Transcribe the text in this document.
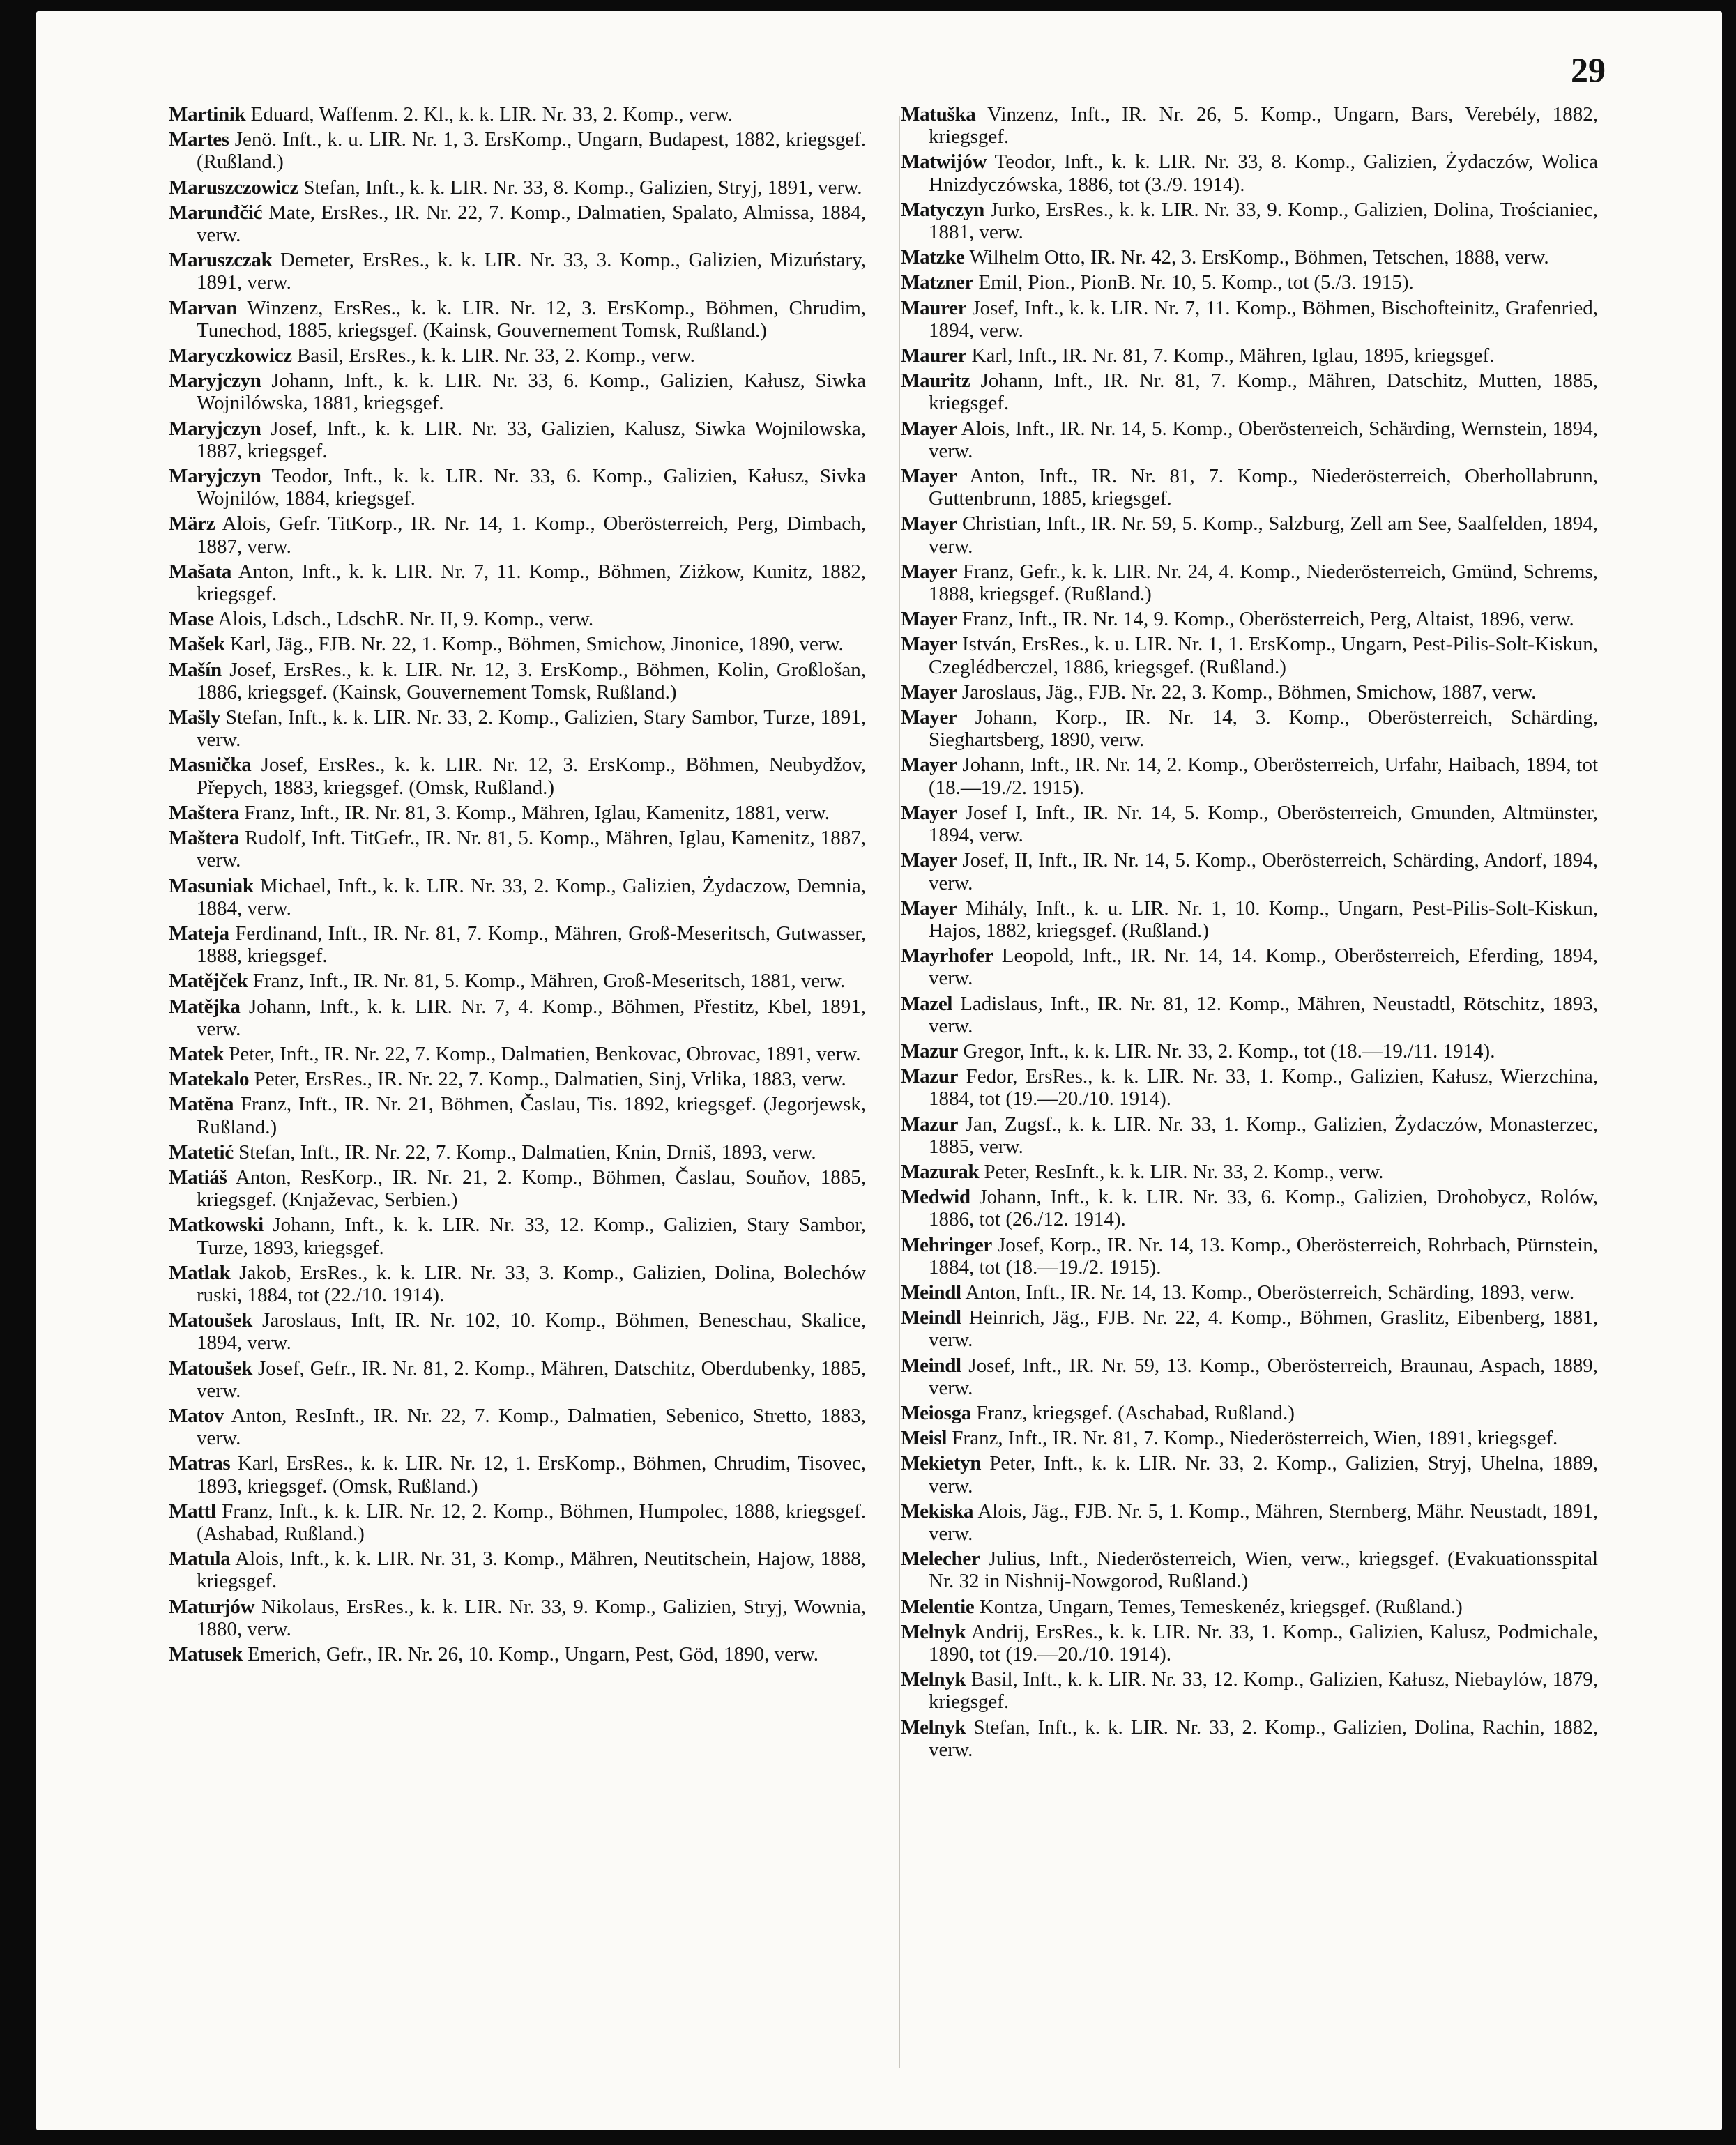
29

Martinik Eduard, Waffenm. 2. Kl., k. k. LIR. Nr. 33, 2. Komp., verw.

Martes Jenö. Inft., k. u. LIR. Nr. 1, 3. ErsKomp., Ungarn, Budapest, 1882, kriegsgef. (Rußland.)

Maruszczowicz Stefan, Inft., k. k. LIR. Nr. 33, 8. Komp., Galizien, Stryj, 1891, verw.

Marunđčić Mate, ErsRes., IR. Nr. 22, 7. Komp., Dalmatien, Spalato, Almissa, 1884, verw.

Maruszczak Demeter, ErsRes., k. k. LIR. Nr. 33, 3. Komp., Galizien, Mizuństary, 1891, verw.

Marvan Winzenz, ErsRes., k. k. LIR. Nr. 12, 3. ErsKomp., Böhmen, Chrudim, Tunechod, 1885, kriegsgef. (Kainsk, Gouvernement Tomsk, Rußland.)

Maryczkowicz Basil, ErsRes., k. k. LIR. Nr. 33, 2. Komp., verw.

Maryjczyn Johann, Inft., k. k. LIR. Nr. 33, 6. Komp., Galizien, Kałusz, Siwka Wojnilówska, 1881, kriegsgef.

Maryjczyn Josef, Inft., k. k. LIR. Nr. 33, Galizien, Kalusz, Siwka Wojnilowska, 1887, kriegsgef.

Maryjczyn Teodor, Inft., k. k. LIR. Nr. 33, 6. Komp., Galizien, Kałusz, Sivka Wojnilów, 1884, kriegsgef.

März Alois, Gefr. TitKorp., IR. Nr. 14, 1. Komp., Oberösterreich, Perg, Dimbach, 1887, verw.

Mašata Anton, Inft., k. k. LIR. Nr. 7, 11. Komp., Böhmen, Ziżkow, Kunitz, 1882, kriegsgef.

Mase Alois, Ldsch., LdschR. Nr. II, 9. Komp., verw.

Mašek Karl, Jäg., FJB. Nr. 22, 1. Komp., Böhmen, Smichow, Jinonice, 1890, verw.

Mašín Josef, ErsRes., k. k. LIR. Nr. 12, 3. ErsKomp., Böhmen, Kolin, Großlošan, 1886, kriegsgef. (Kainsk, Gouvernement Tomsk, Rußland.)

Mašly Stefan, Inft., k. k. LIR. Nr. 33, 2. Komp., Galizien, Stary Sambor, Turze, 1891, verw.

Masnička Josef, ErsRes., k. k. LIR. Nr. 12, 3. ErsKomp., Böhmen, Neubydžov, Přepych, 1883, kriegsgef. (Omsk, Rußland.)

Maštera Franz, Inft., IR. Nr. 81, 3. Komp., Mähren, Iglau, Kamenitz, 1881, verw.

Maštera Rudolf, Inft. TitGefr., IR. Nr. 81, 5. Komp., Mähren, Iglau, Kamenitz, 1887, verw.

Masuniak Michael, Inft., k. k. LIR. Nr. 33, 2. Komp., Galizien, Żydaczow, Demnia, 1884, verw.

Mateja Ferdinand, Inft., IR. Nr. 81, 7. Komp., Mähren, Groß-Meseritsch, Gutwasser, 1888, kriegsgef.

Matějček Franz, Inft., IR. Nr. 81, 5. Komp., Mähren, Groß-Meseritsch, 1881, verw.

Matějka Johann, Inft., k. k. LIR. Nr. 7, 4. Komp., Böhmen, Přestitz, Kbel, 1891, verw.

Matek Peter, Inft., IR. Nr. 22, 7. Komp., Dalmatien, Benkovac, Obrovac, 1891, verw.

Matekalo Peter, ErsRes., IR. Nr. 22, 7. Komp., Dalmatien, Sinj, Vrlika, 1883, verw.

Matěna Franz, Inft., IR. Nr. 21, Böhmen, Časlau, Tis. 1892, kriegsgef. (Jegorjewsk, Rußland.)

Matetić Stefan, Inft., IR. Nr. 22, 7. Komp., Dalmatien, Knin, Drniš, 1893, verw.

Matiáš Anton, ResKorp., IR. Nr. 21, 2. Komp., Böhmen, Časlau, Souňov, 1885, kriegsgef. (Knjaževac, Serbien.)

Matkowski Johann, Inft., k. k. LIR. Nr. 33, 12. Komp., Galizien, Stary Sambor, Turze, 1893, kriegsgef.

Matlak Jakob, ErsRes., k. k. LIR. Nr. 33, 3. Komp., Galizien, Dolina, Bolechów ruski, 1884, tot (22./10. 1914).

Matoušek Jaroslaus, Inft, IR. Nr. 102, 10. Komp., Böhmen, Beneschau, Skalice, 1894, verw.

Matoušek Josef, Gefr., IR. Nr. 81, 2. Komp., Mähren, Datschitz, Oberdubenky, 1885, verw.

Matov Anton, ResInft., IR. Nr. 22, 7. Komp., Dalmatien, Sebenico, Stretto, 1883, verw.

Matras Karl, ErsRes., k. k. LIR. Nr. 12, 1. ErsKomp., Böhmen, Chrudim, Tisovec, 1893, kriegsgef. (Omsk, Rußland.)

Mattl Franz, Inft., k. k. LIR. Nr. 12, 2. Komp., Böhmen, Humpolec, 1888, kriegsgef. (Ashabad, Rußland.)

Matula Alois, Inft., k. k. LIR. Nr. 31, 3. Komp., Mähren, Neutitschein, Hajow, 1888, kriegsgef.

Maturjów Nikolaus, ErsRes., k. k. LIR. Nr. 33, 9. Komp., Galizien, Stryj, Wownia, 1880, verw.

Matusek Emerich, Gefr., IR. Nr. 26, 10. Komp., Ungarn, Pest, Göd, 1890, verw.

Matuška Vinzenz, Inft., IR. Nr. 26, 5. Komp., Ungarn, Bars, Verebély, 1882, kriegsgef.

Matwijów Teodor, Inft., k. k. LIR. Nr. 33, 8. Komp., Galizien, Żydaczów, Wolica Hnizdyczówska, 1886, tot (3./9. 1914).

Matyczyn Jurko, ErsRes., k. k. LIR. Nr. 33, 9. Komp., Galizien, Dolina, Trościaniec, 1881, verw.

Matzke Wilhelm Otto, IR. Nr. 42, 3. ErsKomp., Böhmen, Tetschen, 1888, verw.

Matzner Emil, Pion., PionB. Nr. 10, 5. Komp., tot (5./3. 1915).

Maurer Josef, Inft., k. k. LIR. Nr. 7, 11. Komp., Böhmen, Bischofteinitz, Grafenried, 1894, verw.

Maurer Karl, Inft., IR. Nr. 81, 7. Komp., Mähren, Iglau, 1895, kriegsgef.

Mauritz Johann, Inft., IR. Nr. 81, 7. Komp., Mähren, Datschitz, Mutten, 1885, kriegsgef.

Mayer Alois, Inft., IR. Nr. 14, 5. Komp., Oberösterreich, Schärding, Wernstein, 1894, verw.

Mayer Anton, Inft., IR. Nr. 81, 7. Komp., Niederösterreich, Oberhollabrunn, Guttenbrunn, 1885, kriegsgef.

Mayer Christian, Inft., IR. Nr. 59, 5. Komp., Salzburg, Zell am See, Saalfelden, 1894, verw.

Mayer Franz, Gefr., k. k. LIR. Nr. 24, 4. Komp., Niederösterreich, Gmünd, Schrems, 1888, kriegsgef. (Rußland.)

Mayer Franz, Inft., IR. Nr. 14, 9. Komp., Oberösterreich, Perg, Altaist, 1896, verw.

Mayer István, ErsRes., k. u. LIR. Nr. 1, 1. ErsKomp., Ungarn, Pest-Pilis-Solt-Kiskun, Czeglédberczel, 1886, kriegsgef. (Rußland.)

Mayer Jaroslaus, Jäg., FJB. Nr. 22, 3. Komp., Böhmen, Smichow, 1887, verw.

Mayer Johann, Korp., IR. Nr. 14, 3. Komp., Oberösterreich, Schärding, Sieghartsberg, 1890, verw.

Mayer Johann, Inft., IR. Nr. 14, 2. Komp., Oberösterreich, Urfahr, Haibach, 1894, tot (18.—19./2. 1915).

Mayer Josef I, Inft., IR. Nr. 14, 5. Komp., Oberösterreich, Gmunden, Altmünster, 1894, verw.

Mayer Josef, II, Inft., IR. Nr. 14, 5. Komp., Oberösterreich, Schärding, Andorf, 1894, verw.

Mayer Mihály, Inft., k. u. LIR. Nr. 1, 10. Komp., Ungarn, Pest-Pilis-Solt-Kiskun, Hajos, 1882, kriegsgef. (Rußland.)

Mayrhofer Leopold, Inft., IR. Nr. 14, 14. Komp., Oberösterreich, Eferding, 1894, verw.

Mazel Ladislaus, Inft., IR. Nr. 81, 12. Komp., Mähren, Neustadtl, Rötschitz, 1893, verw.

Mazur Gregor, Inft., k. k. LIR. Nr. 33, 2. Komp., tot (18.—19./11. 1914).

Mazur Fedor, ErsRes., k. k. LIR. Nr. 33, 1. Komp., Galizien, Kałusz, Wierzchina, 1884, tot (19.—20./10. 1914).

Mazur Jan, Zugsf., k. k. LIR. Nr. 33, 1. Komp., Galizien, Żydaczów, Monasterzec, 1885, verw.

Mazurak Peter, ResInft., k. k. LIR. Nr. 33, 2. Komp., verw.

Medwid Johann, Inft., k. k. LIR. Nr. 33, 6. Komp., Galizien, Drohobycz, Rolów, 1886, tot (26./12. 1914).

Mehringer Josef, Korp., IR. Nr. 14, 13. Komp., Oberösterreich, Rohrbach, Pürnstein, 1884, tot (18.—19./2. 1915).

Meindl Anton, Inft., IR. Nr. 14, 13. Komp., Oberösterreich, Schärding, 1893, verw.

Meindl Heinrich, Jäg., FJB. Nr. 22, 4. Komp., Böhmen, Graslitz, Eibenberg, 1881, verw.

Meindl Josef, Inft., IR. Nr. 59, 13. Komp., Oberösterreich, Braunau, Aspach, 1889, verw.

Meiosga Franz, kriegsgef. (Aschabad, Rußland.)

Meisl Franz, Inft., IR. Nr. 81, 7. Komp., Niederösterreich, Wien, 1891, kriegsgef.

Mekietyn Peter, Inft., k. k. LIR. Nr. 33, 2. Komp., Galizien, Stryj, Uhelna, 1889, verw.

Mekiska Alois, Jäg., FJB. Nr. 5, 1. Komp., Mähren, Sternberg, Mähr. Neustadt, 1891, verw.

Melecher Julius, Inft., Niederösterreich, Wien, verw., kriegsgef. (Evakuationsspital Nr. 32 in Nishnij-Nowgorod, Rußland.)

Melentie Kontza, Ungarn, Temes, Temeskenéz, kriegsgef. (Rußland.)

Melnyk Andrij, ErsRes., k. k. LIR. Nr. 33, 1. Komp., Galizien, Kalusz, Podmichale, 1890, tot (19.—20./10. 1914).

Melnyk Basil, Inft., k. k. LIR. Nr. 33, 12. Komp., Galizien, Kałusz, Niebaylów, 1879, kriegsgef.

Melnyk Stefan, Inft., k. k. LIR. Nr. 33, 2. Komp., Galizien, Dolina, Rachin, 1882, verw.
